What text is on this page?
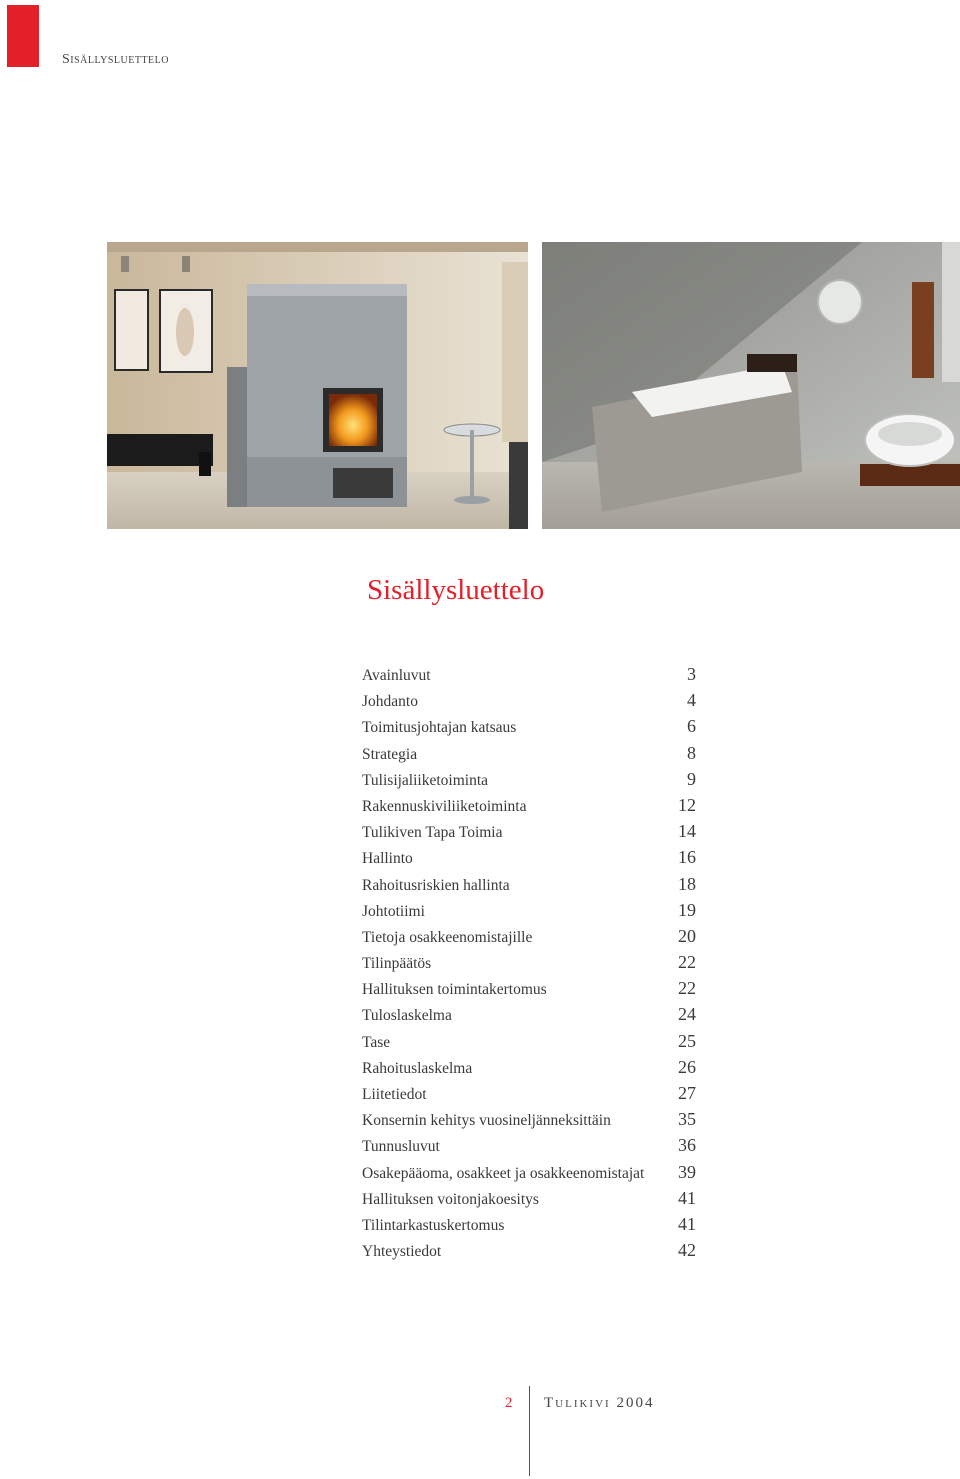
Sisällysluettelo
Sisällysluettelo
Avainluvut	3
Johdanto	4
Toimitusjohtajan katsaus	6
Strategia	8
Tulisijaliiketoiminta	9
Rakennuskiviliiketoiminta	12
Tulikiven Tapa Toimia	14
Hallinto	16
Rahoitusriskien hallinta	18
Johtotiimi	19
Tietoja osakkeenomistajille	20
Tilinpäätös	22
Hallituksen toimintakertomus	22
Tuloslaskelma	24
Tase	25
Rahoituslaskelma	26
Liitetiedot	27
Konsernin kehitys vuosineljänneksittäin	35
Tunnusluvut	36
Osakepääoma, osakkeet ja osakkeenomistajat 39
Hallituksen voitonjakoesitys	41
Tilintarkastuskertomus	41
Yhteystiedot	42
2 Tulikivi 2004
